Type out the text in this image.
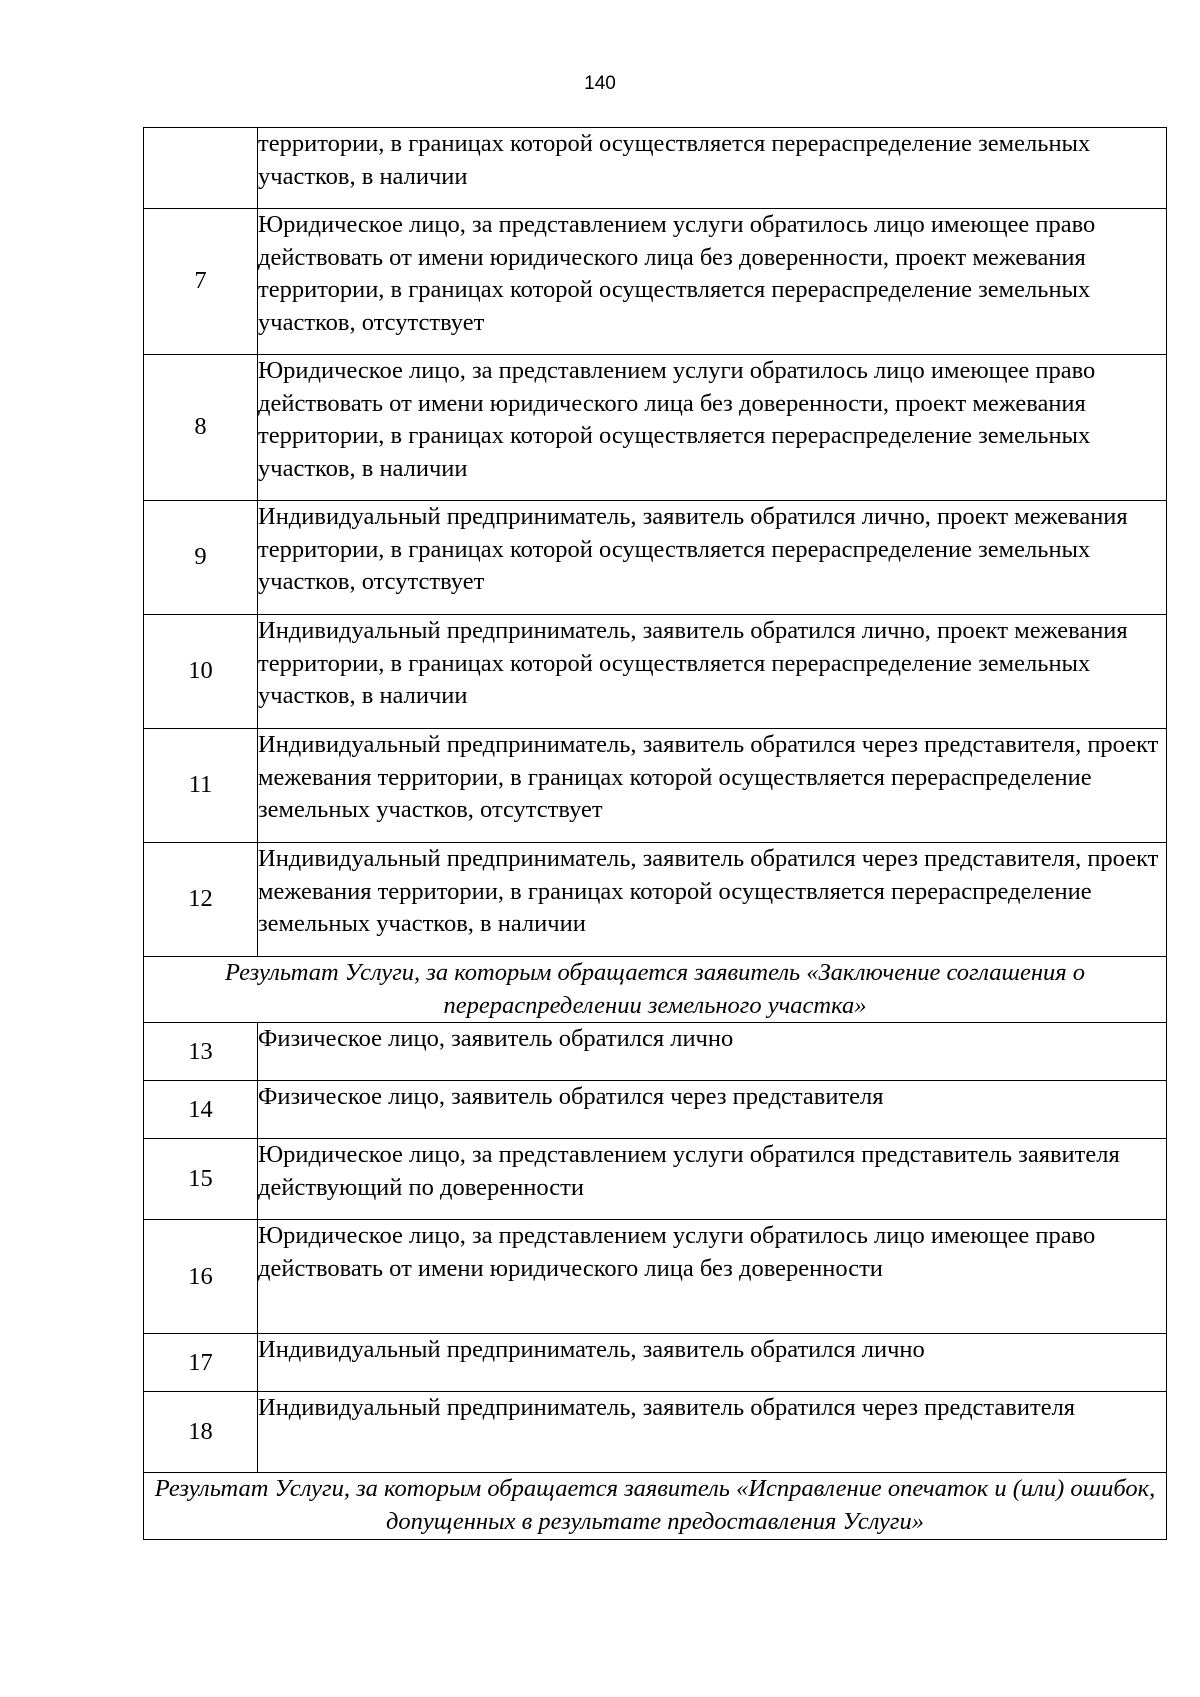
140
	территории, в границах которой осуществляется перераспределение земельных участков, в наличии
7	Юридическое лицо, за представлением услуги обратилось лицо имеющее право действовать от имени юридического лица без доверенности, проект межевания территории, в границах которой осуществляется перераспределение земельных участков, отсутствует
8	Юридическое лицо, за представлением услуги обратилось лицо имеющее право действовать от имени юридического лица без доверенности, проект межевания территории, в границах которой осуществляется перераспределение земельных участков, в наличии
9	Индивидуальный предприниматель, заявитель обратился лично, проект межевания территории, в границах которой осуществляется перераспределение земельных участков, отсутствует
10	Индивидуальный предприниматель, заявитель обратился лично, проект межевания территории, в границах которой осуществляется перераспределение земельных участков, в наличии
11	Индивидуальный предприниматель, заявитель обратился через представителя, проект межевания территории, в границах которой осуществляется перераспределение земельных участков, отсутствует
12	Индивидуальный предприниматель, заявитель обратился через представителя, проект межевания территории, в границах которой осуществляется перераспределение земельных участков, в наличии
Результат Услуги, за которым обращается заявитель «Заключение соглашения о перераспределении земельного участка»	
13	Физическое лицо, заявитель обратился лично
14	Физическое лицо, заявитель обратился через представителя
15	Юридическое лицо, за представлением услуги обратился представитель заявителя действующий по доверенности
16	Юридическое лицо, за представлением услуги обратилось лицо имеющее право действовать от имени юридического лица без доверенности
17	Индивидуальный предприниматель, заявитель обратился лично
18	Индивидуальный предприниматель, заявитель обратился через представителя
Результат Услуги, за которым обращается заявитель «Исправление опечаток и (или) ошибок, допущенных в результате предоставления Услуги»	
